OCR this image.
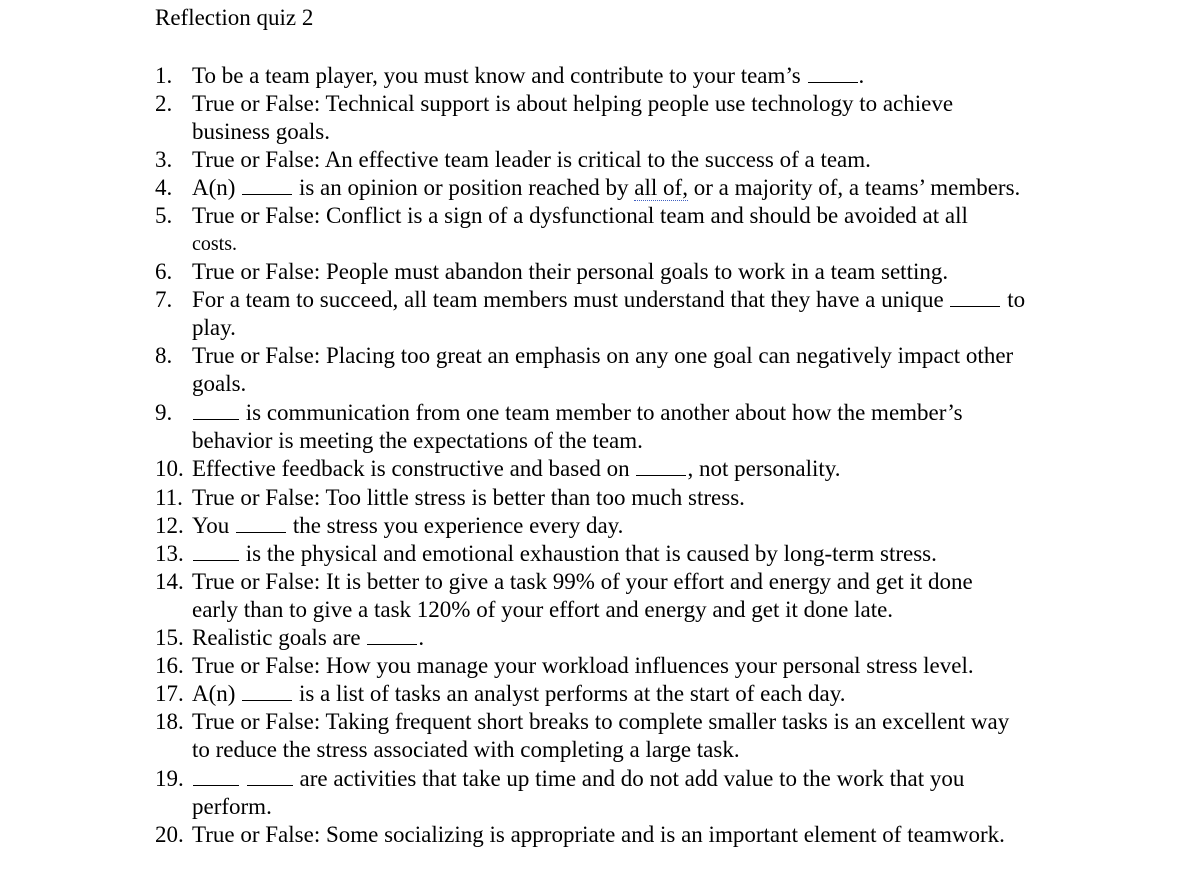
Reflection quiz 2
1. To be a team player, you must know and contribute to your team’s	.
2. True or False: Technical support is about helping people use technology to achieve
business goals.
3. True or False: An effective team leader is critical to the success of a team.
4. A(n)	is an opinion or position reached by all of, or a majority of, a teams’ members.
5. True or False: Conflict is a sign of a dysfunctional team and should be avoided at all
costs.
6. True or False: People must abandon their personal goals to work in a team setting.
7. For a team to succeed, all team members must understand that they have a unique	to
play.
8. True or False: Placing too great an emphasis on any one goal can negatively impact other
goals.
9.	is communication from one team member to another about how the member’s
behavior is meeting the expectations of the team.
10. Effective feedback is constructive and based on	, not personality.
11. True or False: Too little stress is better than too much stress.
12. You	the stress you experience every day.
13.	is the physical and emotional exhaustion that is caused by long-term stress.
14. True or False: It is better to give a task 99% of your effort and energy and get it done
early than to give a task 120% of your effort and energy and get it done late.
15. Realistic goals are	.
16. True or False: How you manage your workload influences your personal stress level.
17. A(n)	is a list of tasks an analyst performs at the start of each day.
18. True or False: Taking frequent short breaks to complete smaller tasks is an excellent way
to reduce the stress associated with completing a large task.
19.	are activities that take up time and do not add value to the work that you
perform.
20. True or False: Some socializing is appropriate and is an important element of teamwork.
